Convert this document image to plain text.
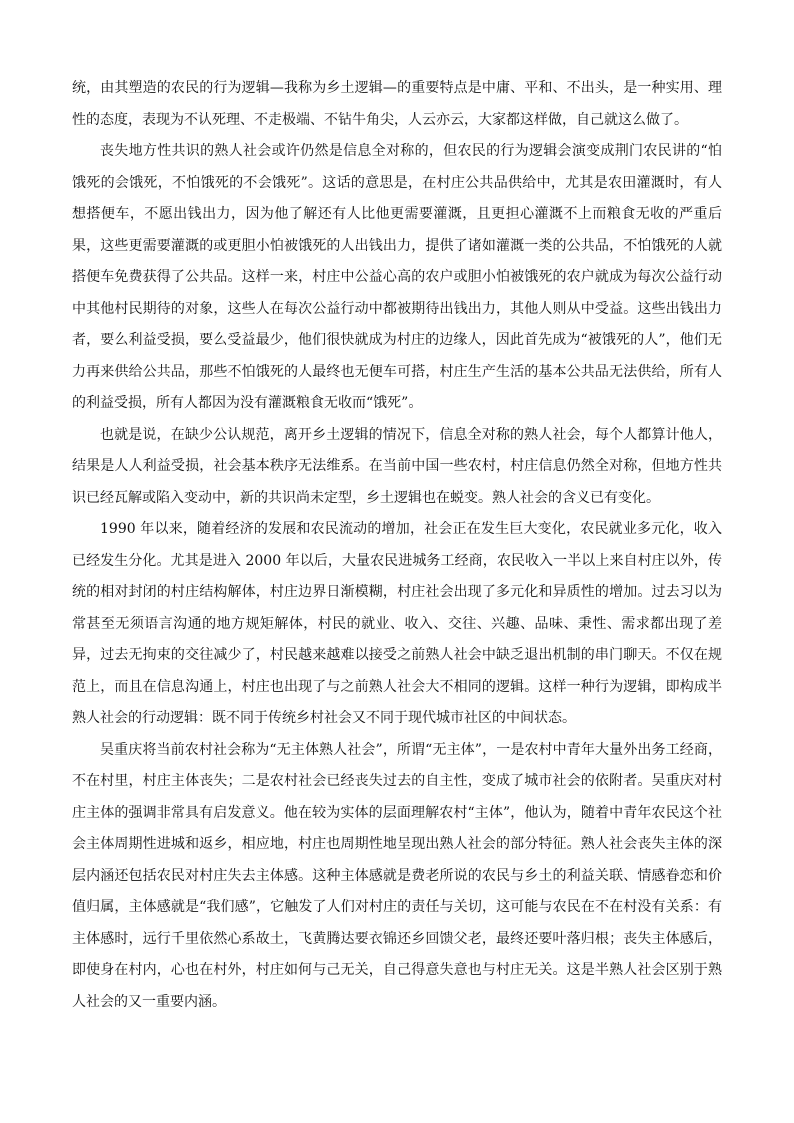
统，由其塑造的农民的行为逻辑—我称为乡土逻辑—的重要特点是中庸、平和、不出头，是一种实用、理性的态度，表现为不认死理、不走极端、不钻牛角尖，人云亦云，大家都这样做，自己就这么做了。

丧失地方性共识的熟人社会或许仍然是信息全对称的，但农民的行为逻辑会演变成荆门农民讲的“怕饿死的会饿死，不怕饿死的不会饿死”。这话的意思是，在村庄公共品供给中，尤其是农田灌溉时，有人想搭便车，不愿出钱出力，因为他了解还有人比他更需要灌溉，且更担心灌溉不上而粮食无收的严重后果，这些更需要灌溉的或更胆小怕被饿死的人出钱出力，提供了诸如灌溉一类的公共品，不怕饿死的人就搭便车免费获得了公共品。这样一来，村庄中公益心高的农户或胆小怕被饿死的农户就成为每次公益行动中其他村民期待的对象，这些人在每次公益行动中都被期待出钱出力，其他人则从中受益。这些出钱出力者，要么利益受损，要么受益最少，他们很快就成为村庄的边缘人，因此首先成为“被饿死的人”，他们无力再来供给公共品，那些不怕饿死的人最终也无便车可搭，村庄生产生活的基本公共品无法供给，所有人的利益受损，所有人都因为没有灌溉粮食无收而“饿死”。

也就是说，在缺少公认规范，离开乡土逻辑的情况下，信息全对称的熟人社会，每个人都算计他人，结果是人人利益受损，社会基本秩序无法维系。在当前中国一些农村，村庄信息仍然全对称，但地方性共识已经瓦解或陷入变动中，新的共识尚未定型，乡土逻辑也在蜕变。熟人社会的含义已有变化。

1990 年以来，随着经济的发展和农民流动的增加，社会正在发生巨大变化，农民就业多元化，收入已经发生分化。尤其是进入 2000 年以后，大量农民进城务工经商，农民收入一半以上来自村庄以外，传统的相对封闭的村庄结构解体，村庄边界日渐模糊，村庄社会出现了多元化和异质性的增加。过去习以为常甚至无须语言沟通的地方规矩解体，村民的就业、收入、交往、兴趣、品味、秉性、需求都出现了差异，过去无拘束的交往减少了，村民越来越难以接受之前熟人社会中缺乏退出机制的串门聊天。不仅在规范上，而且在信息沟通上，村庄也出现了与之前熟人社会大不相同的逻辑。这样一种行为逻辑，即构成半熟人社会的行动逻辑：既不同于传统乡村社会又不同于现代城市社区的中间状态。

吴重庆将当前农村社会称为“无主体熟人社会”，所谓“无主体”，一是农村中青年大量外出务工经商，不在村里，村庄主体丧失；二是农村社会已经丧失过去的自主性，变成了城市社会的依附者。吴重庆对村庄主体的强调非常具有启发意义。他在较为实体的层面理解农村“主体”，他认为，随着中青年农民这个社会主体周期性进城和返乡，相应地，村庄也周期性地呈现出熟人社会的部分特征。熟人社会丧失主体的深层内涵还包括农民对村庄失去主体感。这种主体感就是费老所说的农民与乡土的利益关联、情感眷恋和价值归属，主体感就是“我们感”，它触发了人们对村庄的责任与关切，这可能与农民在不在村没有关系：有主体感时，远行千里依然心系故土，飞黄腾达要衣锦还乡回馈父老，最终还要叶落归根；丧失主体感后，即使身在村内，心也在村外，村庄如何与己无关，自己得意失意也与村庄无关。这是半熟人社会区别于熟人社会的又一重要内涵。
